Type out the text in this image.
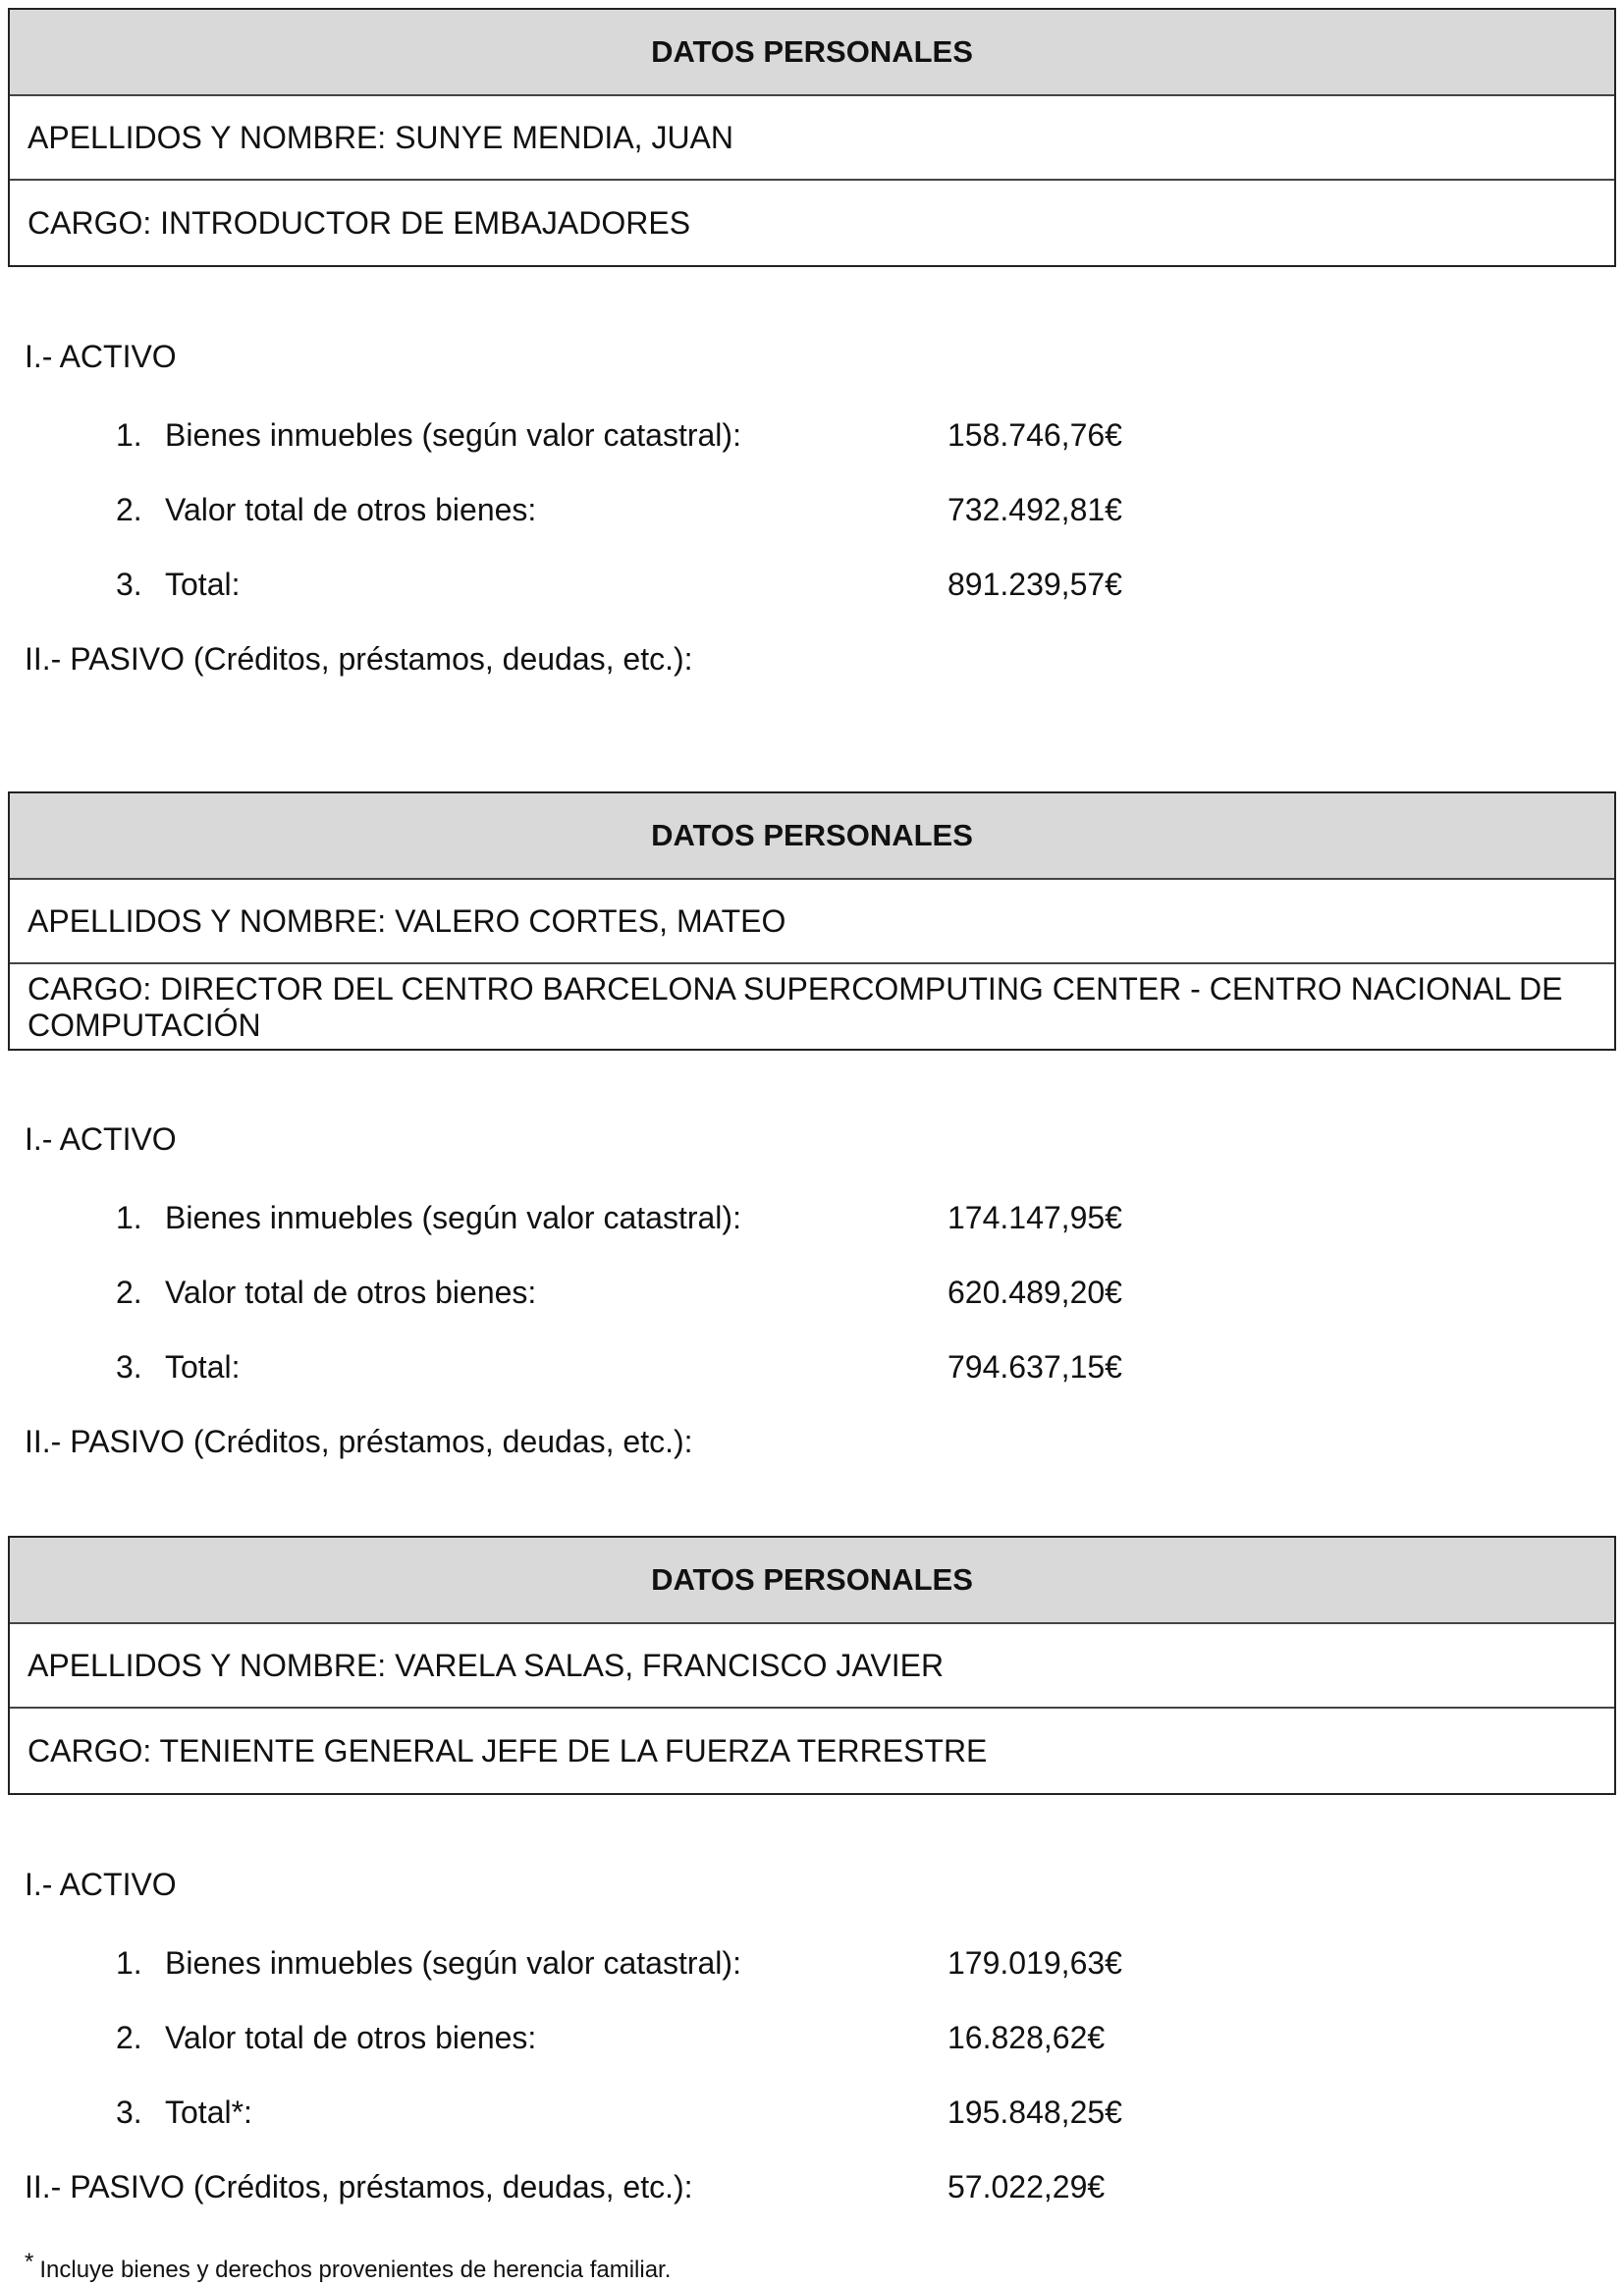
DATOS PERSONALES
APELLIDOS Y NOMBRE: SUNYE MENDIA, JUAN
CARGO: INTRODUCTOR DE EMBAJADORES
I.- ACTIVO
1. Bienes inmuebles (según valor catastral):	158.746,76€
2. Valor total de otros bienes:	732.492,81€
3. Total:	891.239,57€
II.- PASIVO (Créditos, préstamos, deudas, etc.):
DATOS PERSONALES
APELLIDOS Y NOMBRE: VALERO CORTES, MATEO
CARGO: DIRECTOR DEL CENTRO BARCELONA SUPERCOMPUTING CENTER - CENTRO NACIONAL DE COMPUTACIÓN
I.- ACTIVO
1. Bienes inmuebles (según valor catastral):	174.147,95€
2. Valor total de otros bienes:	620.489,20€
3. Total:	794.637,15€
II.- PASIVO (Créditos, préstamos, deudas, etc.):
DATOS PERSONALES
APELLIDOS Y NOMBRE: VARELA SALAS, FRANCISCO JAVIER
CARGO: TENIENTE GENERAL JEFE DE LA FUERZA TERRESTRE
I.- ACTIVO
1. Bienes inmuebles (según valor catastral):	179.019,63€
2. Valor total de otros bienes:	16.828,62€
3. Total*:	195.848,25€
II.- PASIVO (Créditos, préstamos, deudas, etc.):	57.022,29€
* Incluye bienes y derechos provenientes de herencia familiar.
